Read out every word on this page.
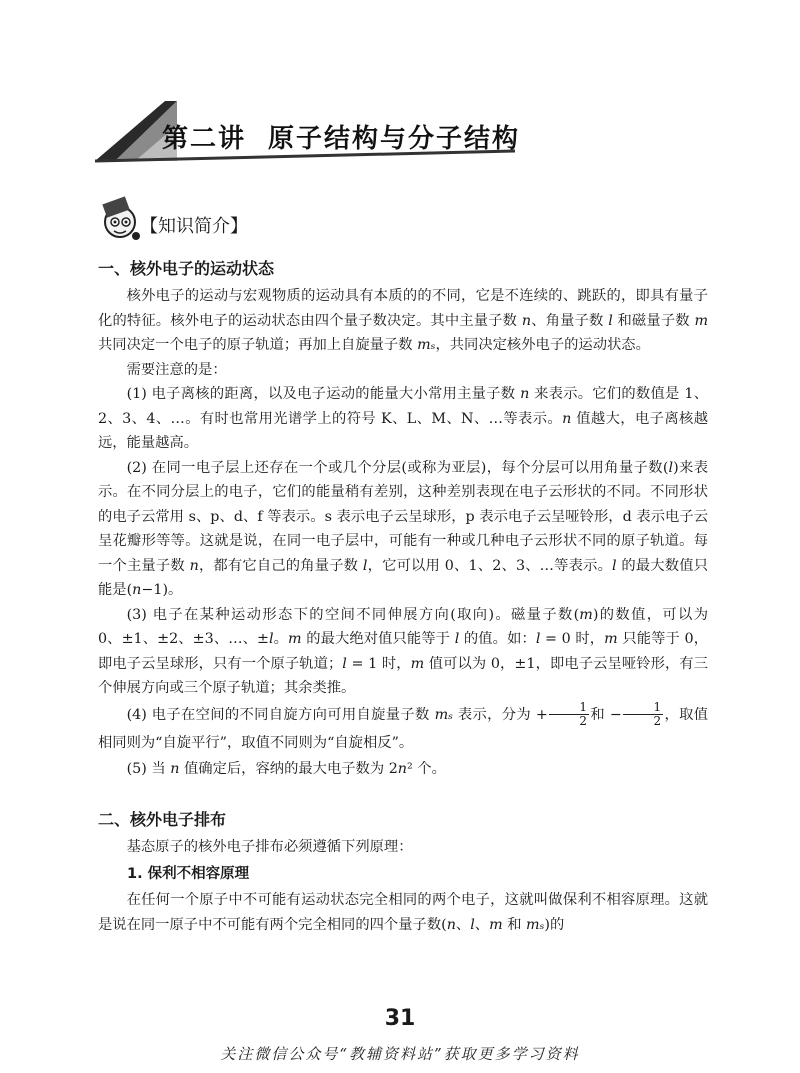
第二讲 原子结构与分子结构
【知识简介】
一、核外电子的运动状态

核外电子的运动与宏观物质的运动具有本质的的不同，它是不连续的、跳跃的，即具有量子化的特征。核外电子的运动状态由四个量子数决定。其中主量子数 n、角量子数 l 和磁量子数 m 共同决定一个电子的原子轨道；再加上自旋量子数 mₛ，共同决定核外电子的运动状态。

需要注意的是：

(1) 电子离核的距离，以及电子运动的能量大小常用主量子数 n 来表示。它们的数值是 1、2、3、4、…。有时也常用光谱学上的符号 K、L、M、N、…等表示。n 值越大，电子离核越远，能量越高。

(2) 在同一电子层上还存在一个或几个分层(或称为亚层)，每个分层可以用角量子数(l)来表示。在不同分层上的电子，它们的能量稍有差别，这种差别表现在电子云形状的不同。不同形状的电子云常用 s、p、d、f 等表示。s 表示电子云呈球形，p 表示电子云呈哑铃形，d 表示电子云呈花瓣形等等。这就是说，在同一电子层中，可能有一种或几种电子云形状不同的原子轨道。每一个主量子数 n，都有它自己的角量子数 l，它可以用 0、1、2、3、…等表示。l 的最大数值只能是(n−1)。

(3) 电子在某种运动形态下的空间不同伸展方向(取向)。磁量子数(m)的数值，可以为 0、±1、±2、±3、…、±l。m 的最大绝对值只能等于 l 的值。如：l = 0 时，m 只能等于 0，即电子云呈球形，只有一个原子轨道；l = 1 时，m 值可以为 0，±1，即电子云呈哑铃形，有三个伸展方向或三个原子轨道；其余类推。

(4) 电子在空间的不同自旋方向可用自旋量子数 mₛ 表示，分为 + $\frac{1}{2}$ 和 − $\frac{1}{2}$ ，取值相同则为“自旋平行”，取值不同则为“自旋相反”。

(5) 当 n 值确定后，容纳的最大电子数为 2n² 个。

二、核外电子排布

基态原子的核外电子排布必须遵循下列原理：

1. 保利不相容原理

在任何一个原子中不可能有运动状态完全相同的两个电子，这就叫做保利不相容原理。这就是说在同一原子中不可能有两个完全相同的四个量子数(n、l、m 和 mₛ)的

31
关注微信公众号“教辅资料站”获取更多学习资料
